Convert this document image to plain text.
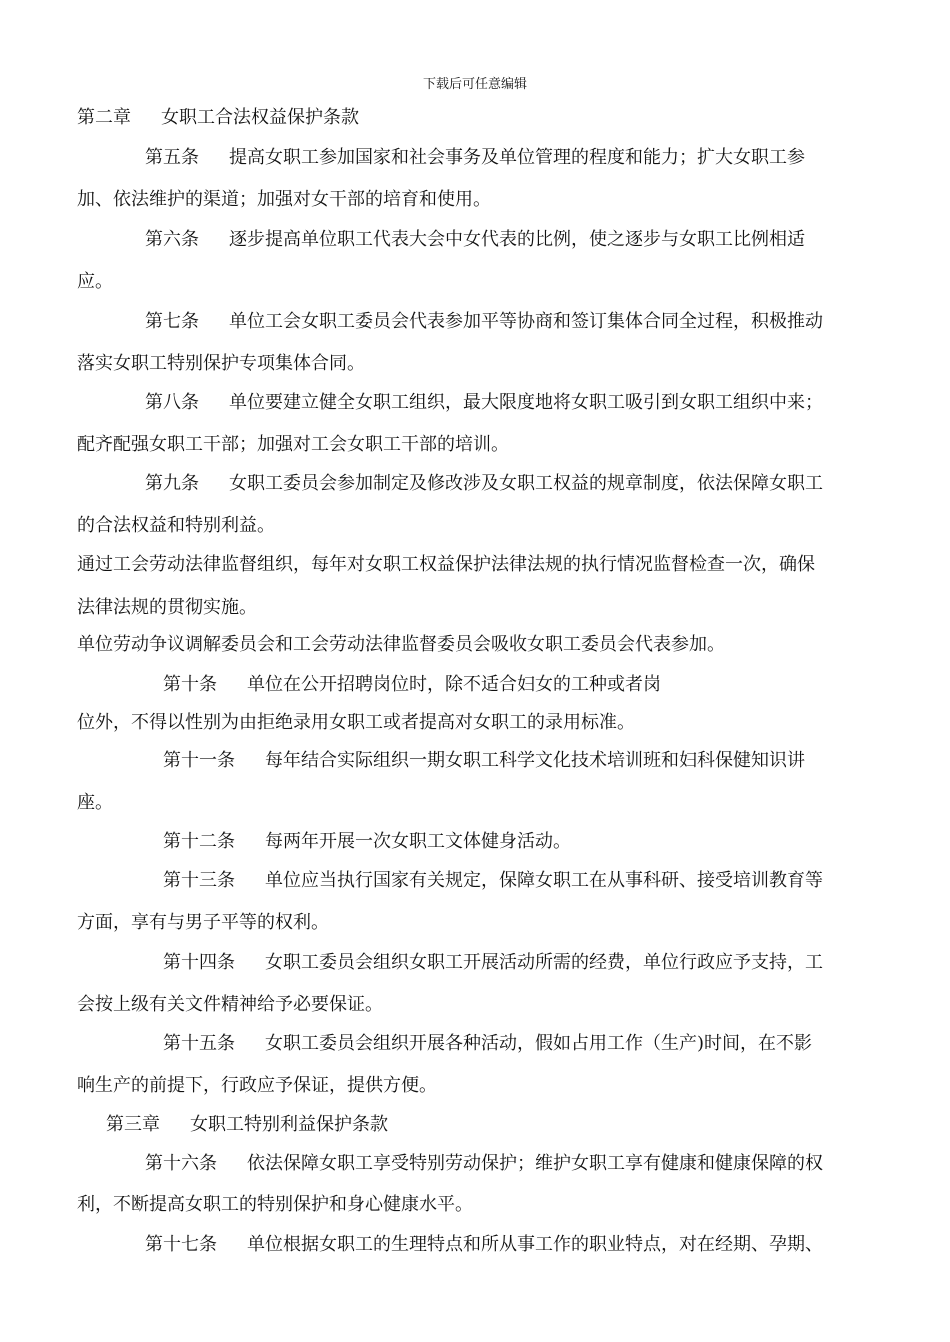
下载后可任意编辑
第二章 女职工合法权益保护条款
第五条 提高女职工参加国家和社会事务及单位管理的程度和能力；扩大女职工参
加、依法维护的渠道；加强对女干部的培育和使用。
第六条 逐步提高单位职工代表大会中女代表的比例，使之逐步与女职工比例相适
应。
第七条 单位工会女职工委员会代表参加平等协商和签订集体合同全过程，积极推动
落实女职工特别保护专项集体合同。
第八条 单位要建立健全女职工组织，最大限度地将女职工吸引到女职工组织中来；
配齐配强女职工干部；加强对工会女职工干部的培训。
第九条 女职工委员会参加制定及修改涉及女职工权益的规章制度，依法保障女职工
的合法权益和特别利益。
通过工会劳动法律监督组织，每年对女职工权益保护法律法规的执行情况监督检查一次，确保
法律法规的贯彻实施。
单位劳动争议调解委员会和工会劳动法律监督委员会吸收女职工委员会代表参加。
第十条 单位在公开招聘岗位时，除不适合妇女的工种或者岗
位外，不得以性别为由拒绝录用女职工或者提高对女职工的录用标准。
第十一条 每年结合实际组织一期女职工科学文化技术培训班和妇科保健知识讲
座。
第十二条 每两年开展一次女职工文体健身活动。
第十三条 单位应当执行国家有关规定，保障女职工在从事科研、接受培训教育等
方面，享有与男子平等的权利。
第十四条 女职工委员会组织女职工开展活动所需的经费，单位行政应予支持，工
会按上级有关文件精神给予必要保证。
第十五条 女职工委员会组织开展各种活动，假如占用工作（生产)时间，在不影
响生产的前提下，行政应予保证，提供方便。
第三章 女职工特别利益保护条款
第十六条 依法保障女职工享受特别劳动保护；维护女职工享有健康和健康保障的权
利，不断提高女职工的特别保护和身心健康水平。
第十七条 单位根据女职工的生理特点和所从事工作的职业特点，对在经期、孕期、
